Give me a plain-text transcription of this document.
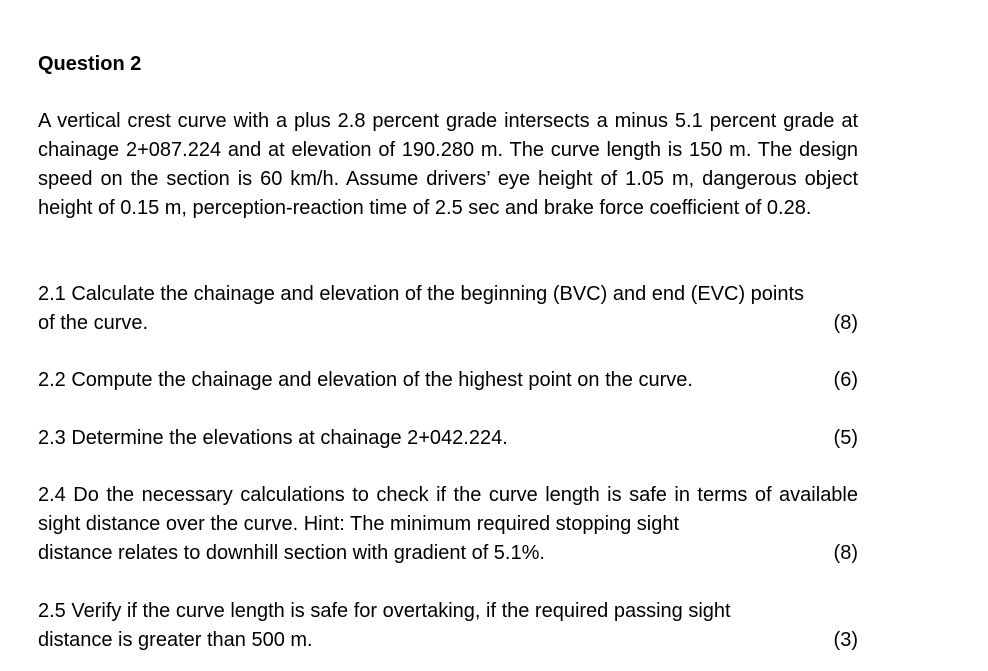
Question 2
A vertical crest curve with a plus 2.8 percent grade intersects a minus 5.1 percent grade at chainage 2+087.224 and at elevation of 190.280 m. The curve length is 150 m. The design speed on the section is 60 km/h. Assume drivers’ eye height of 1.05 m, dangerous object height of 0.15 m, perception-reaction time of 2.5 sec and brake force coefficient of 0.28.
2.1 Calculate the chainage and elevation of the beginning (BVC) and end (EVC) points
of the curve.	(8)
2.2 Compute the chainage and elevation of the highest point on the curve.	(6)
2.3 Determine the elevations at chainage 2+042.224.	(5)
2.4 Do the necessary calculations to check if the curve length is safe in terms of available sight distance over the curve. Hint: The minimum required stopping sight
distance relates to downhill section with gradient of 5.1%.	(8)
2.5 Verify if the curve length is safe for overtaking, if the required passing sight
distance is greater than 500 m.	(3)
